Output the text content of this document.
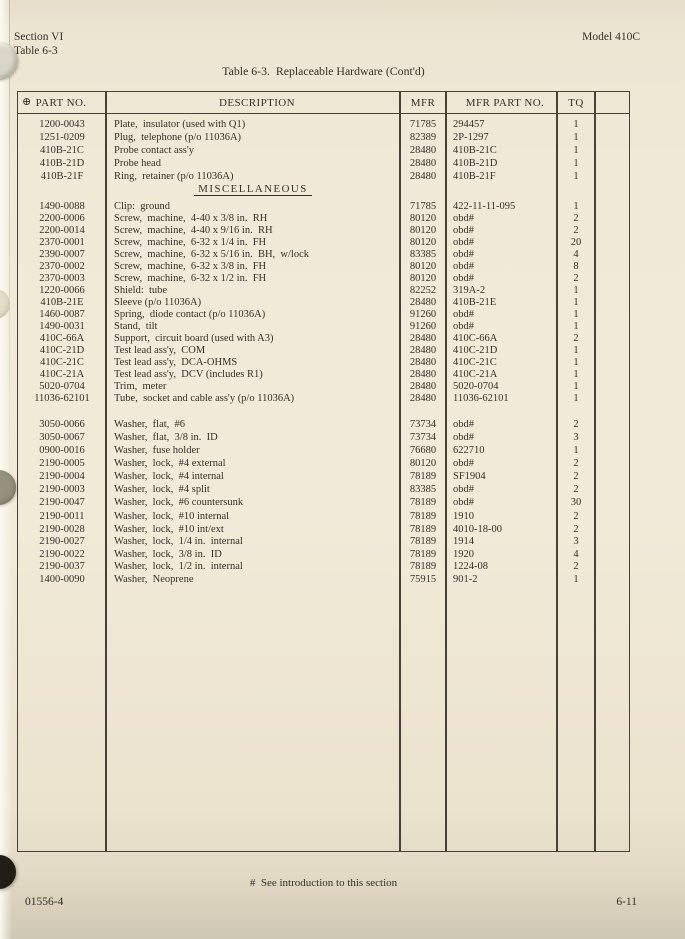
Section VI
Table 6-3
Model 410C
Table 6-3.  Replaceable Hardware (Cont'd)
⊕ PART NO.	DESCRIPTION	MFR	MFR PART NO.	TQ
1200-0043	Plate,  insulator (used with Q1)	71785	294457	1
1251-0209	Plug,  telephone (p/o 11036A)	82389	2P-1297	1
410B-21C	Probe contact ass'y	28480	410B-21C	1
410B-21D	Probe head	28480	410B-21D	1
410B-21F	Ring,  retainer (p/o 11036A)	28480	410B-21F	1
MISCELLANEOUS
1490-0088	Clip:  ground	71785	422-11-11-095	1
2200-0006	Screw,  machine,  4-40 x 3/8 in.  RH	80120	obd#	2
2200-0014	Screw,  machine,  4-40 x 9/16 in.  RH	80120	obd#	2
2370-0001	Screw,  machine,  6-32 x 1/4 in.  FH	80120	obd#	20
2390-0007	Screw,  machine,  6-32 x 5/16 in.  BH,  w/lock	83385	obd#	4
2370-0002	Screw,  machine,  6-32 x 3/8 in.  FH	80120	obd#	8
2370-0003	Screw,  machine,  6-32 x 1/2 in.  FH	80120	obd#	2
1220-0066	Shield:  tube	82252	319A-2	1
410B-21E	Sleeve (p/o 11036A)	28480	410B-21E	1
1460-0087	Spring,  diode contact (p/o 11036A)	91260	obd#	1
1490-0031	Stand,  tilt	91260	obd#	1
410C-66A	Support,  circuit board (used with A3)	28480	410C-66A	2
410C-21D	Test lead ass'y,  COM	28480	410C-21D	1
410C-21C	Test lead ass'y,  DCA-OHMS	28480	410C-21C	1
410C-21A	Test lead ass'y,  DCV (includes R1)	28480	410C-21A	1
5020-0704	Trim,  meter	28480	5020-0704	1
11036-62101	Tube,  socket and cable ass'y (p/o 11036A)	28480	11036-62101	1
3050-0066	Washer,  flat,  #6	73734	obd#	2
3050-0067	Washer,  flat,  3/8 in.  ID	73734	obd#	3
0900-0016	Washer,  fuse holder	76680	622710	1
2190-0005	Washer,  lock,  #4 external	80120	obd#	2
2190-0004	Washer,  lock,  #4 internal	78189	SF1904	2
2190-0003	Washer,  lock,  #4 split	83385	obd#	2
2190-0047	Washer,  lock,  #6 countersunk	78189	obd#	30
2190-0011	Washer,  lock,  #10 internal	78189	1910	2
2190-0028	Washer,  lock,  #10 int/ext	78189	4010-18-00	2
2190-0027	Washer,  lock,  1/4 in.  internal	78189	1914	3
2190-0022	Washer,  lock,  3/8 in.  ID	78189	1920	4
2190-0037	Washer,  lock,  1/2 in.  internal	78189	1224-08	2
1400-0090	Washer,  Neoprene	75915	901-2	1
#  See introduction to this section
01556-4	6-11
